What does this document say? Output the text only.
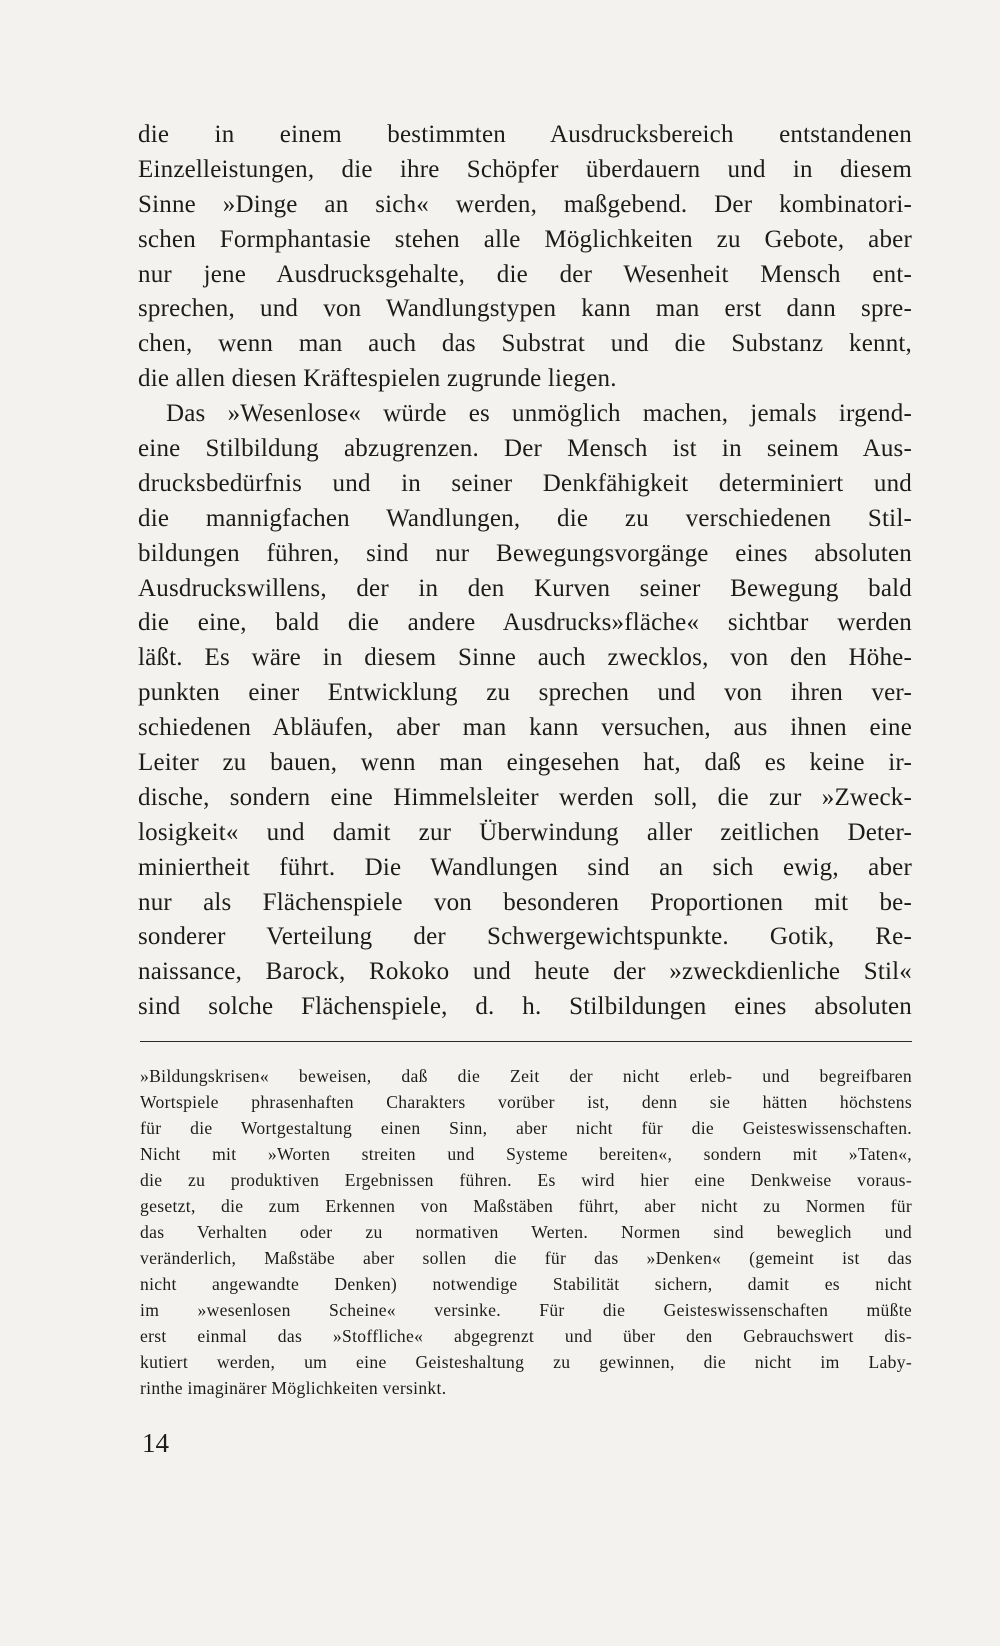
die in einem bestimmten Ausdrucksbereich entstandenen
Einzelleistungen, die ihre Schöpfer überdauern und in diesem
Sinne »Dinge an sich« werden, maßgebend. Der kombinatori-
schen Formphantasie stehen alle Möglichkeiten zu Gebote, aber
nur jene Ausdrucksgehalte, die der Wesenheit Mensch ent-
sprechen, und von Wandlungstypen kann man erst dann spre-
chen, wenn man auch das Substrat und die Substanz kennt,
die allen diesen Kräftespielen zugrunde liegen.
Das »Wesenlose« würde es unmöglich machen, jemals irgend-
eine Stilbildung abzugrenzen. Der Mensch ist in seinem Aus-
drucksbedürfnis und in seiner Denkfähigkeit determiniert und
die mannigfachen Wandlungen, die zu verschiedenen Stil-
bildungen führen, sind nur Bewegungsvorgänge eines absoluten
Ausdruckswillens, der in den Kurven seiner Bewegung bald
die eine, bald die andere Ausdrucks»fläche« sichtbar werden
läßt. Es wäre in diesem Sinne auch zwecklos, von den Höhe-
punkten einer Entwicklung zu sprechen und von ihren ver-
schiedenen Abläufen, aber man kann versuchen, aus ihnen eine
Leiter zu bauen, wenn man eingesehen hat, daß es keine ir-
dische, sondern eine Himmelsleiter werden soll, die zur »Zweck-
losigkeit« und damit zur Überwindung aller zeitlichen Deter-
miniertheit führt. Die Wandlungen sind an sich ewig, aber
nur als Flächenspiele von besonderen Proportionen mit be-
sonderer Verteilung der Schwergewichtspunkte. Gotik, Re-
naissance, Barock, Rokoko und heute der »zweckdienliche Stil«
sind solche Flächenspiele, d. h. Stilbildungen eines absoluten
»Bildungskrisen« beweisen, daß die Zeit der nicht erleb- und begreifbaren
Wortspiele phrasenhaften Charakters vorüber ist, denn sie hätten höchstens
für die Wortgestaltung einen Sinn, aber nicht für die Geisteswissenschaften.
Nicht mit »Worten streiten und Systeme bereiten«, sondern mit »Taten«,
die zu produktiven Ergebnissen führen. Es wird hier eine Denkweise voraus-
gesetzt, die zum Erkennen von Maßstäben führt, aber nicht zu Normen für
das Verhalten oder zu normativen Werten. Normen sind beweglich und
veränderlich, Maßstäbe aber sollen die für das »Denken« (gemeint ist das
nicht angewandte Denken) notwendige Stabilität sichern, damit es nicht
im »wesenlosen Scheine« versinke. Für die Geisteswissenschaften müßte
erst einmal das »Stoffliche« abgegrenzt und über den Gebrauchswert dis-
kutiert werden, um eine Geisteshaltung zu gewinnen, die nicht im Laby-
rinthe imaginärer Möglichkeiten versinkt.
14
